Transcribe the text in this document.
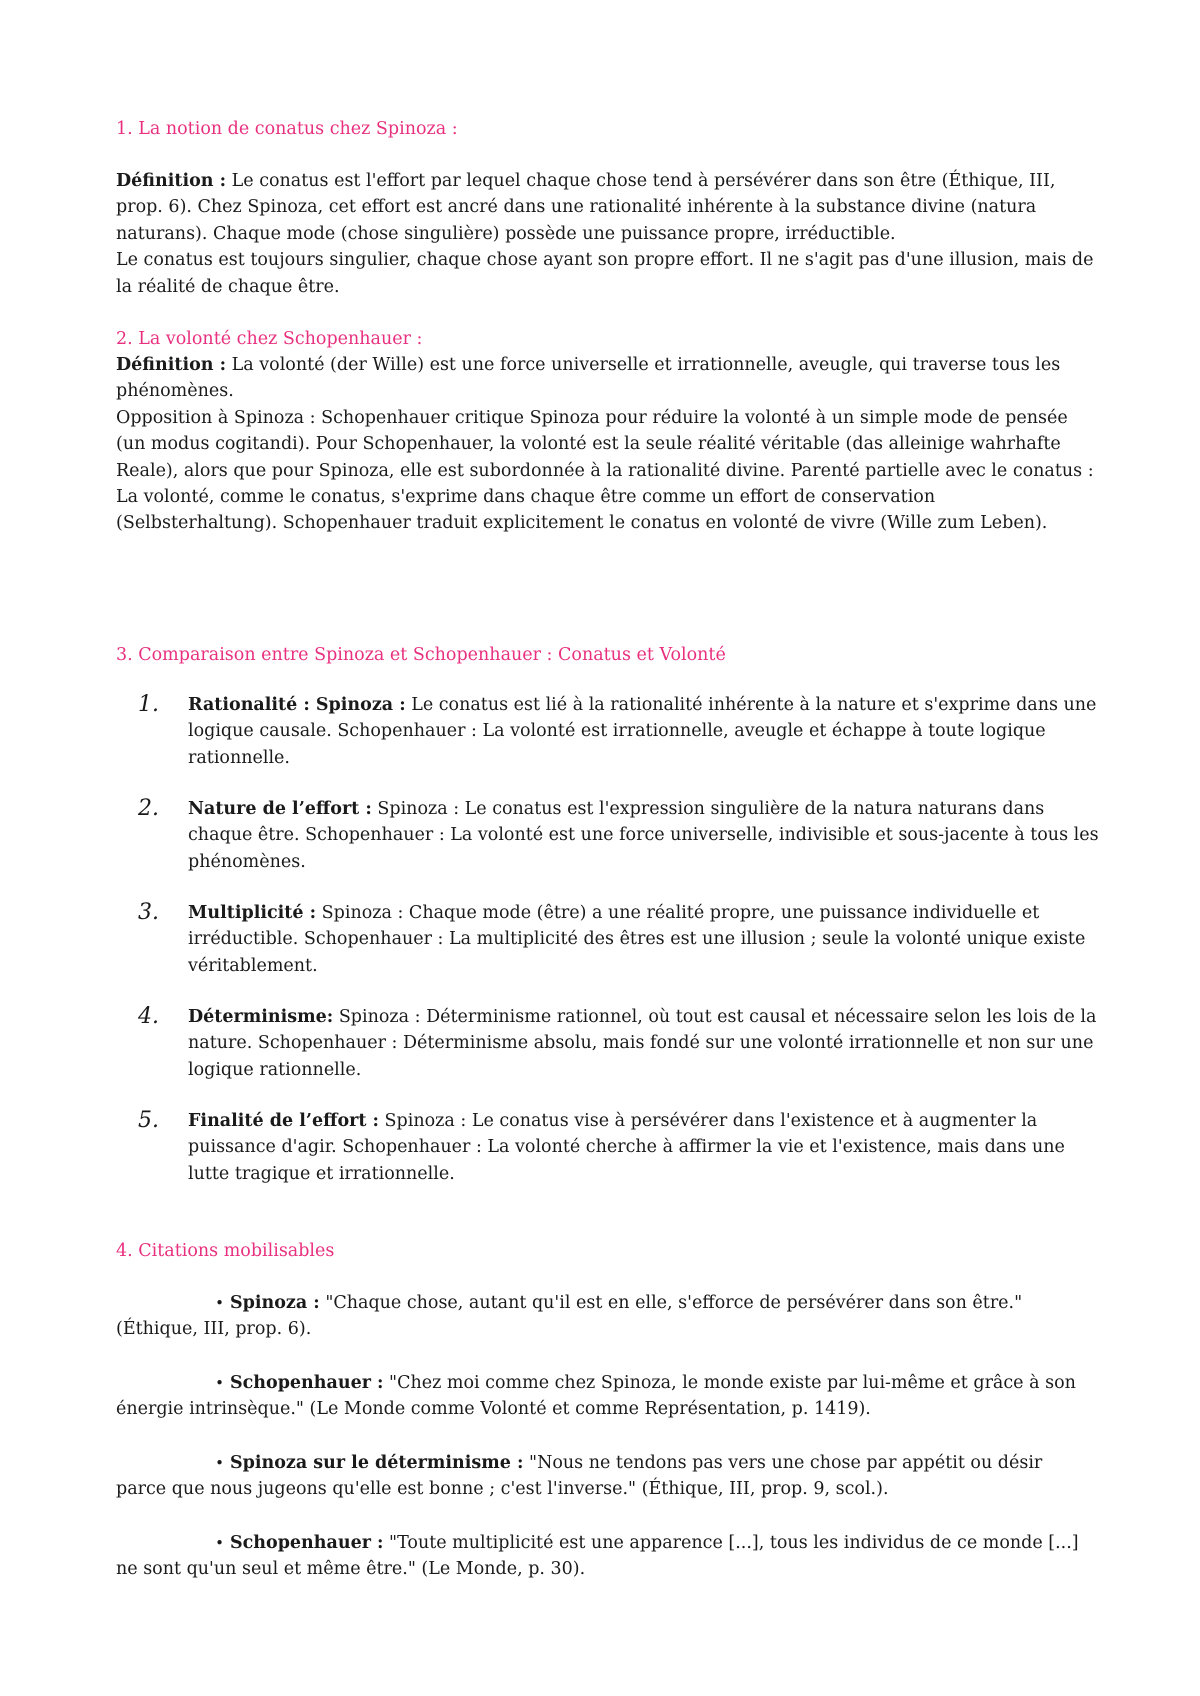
1. La notion de conatus chez Spinoza :

Définition : Le conatus est l'effort par lequel chaque chose tend à persévérer dans son être (Éthique, III, prop. 6). Chez Spinoza, cet effort est ancré dans une rationalité inhérente à la substance divine (natura naturans). Chaque mode (chose singulière) possède une puissance propre, irréductible.

Le conatus est toujours singulier, chaque chose ayant son propre effort. Il ne s'agit pas d'une illusion, mais de la réalité de chaque être.

2. La volonté chez Schopenhauer :

Définition : La volonté (der Wille) est une force universelle et irrationnelle, aveugle, qui traverse tous les phénomènes.

Opposition à Spinoza : Schopenhauer critique Spinoza pour réduire la volonté à un simple mode de pensée (un modus cogitandi). Pour Schopenhauer, la volonté est la seule réalité véritable (das alleinige wahrhafte Reale), alors que pour Spinoza, elle est subordonnée à la rationalité divine. Parenté partielle avec le conatus : La volonté, comme le conatus, s'exprime dans chaque être comme un effort de conservation (Selbsterhaltung). Schopenhauer traduit explicitement le conatus en volonté de vivre (Wille zum Leben).

3. Comparaison entre Spinoza et Schopenhauer : Conatus et Volonté

1. Rationalité : Spinoza : Le conatus est lié à la rationalité inhérente à la nature et s'exprime dans une logique causale. Schopenhauer : La volonté est irrationnelle, aveugle et échappe à toute logique rationnelle.

2. Nature de l’effort : Spinoza : Le conatus est l'expression singulière de la natura naturans dans chaque être. Schopenhauer : La volonté est une force universelle, indivisible et sous-jacente à tous les phénomènes.

3. Multiplicité : Spinoza : Chaque mode (être) a une réalité propre, une puissance individuelle et irréductible. Schopenhauer : La multiplicité des êtres est une illusion ; seule la volonté unique existe véritablement.

4. Déterminisme: Spinoza : Déterminisme rationnel, où tout est causal et nécessaire selon les lois de la nature. Schopenhauer : Déterminisme absolu, mais fondé sur une volonté irrationnelle et non sur une logique rationnelle.

5. Finalité de l’effort : Spinoza : Le conatus vise à persévérer dans l'existence et à augmenter la puissance d'agir. Schopenhauer : La volonté cherche à affirmer la vie et l'existence, mais dans une lutte tragique et irrationnelle.

4. Citations mobilisables

• Spinoza : "Chaque chose, autant qu'il est en elle, s'efforce de persévérer dans son être." (Éthique, III, prop. 6).

• Schopenhauer : "Chez moi comme chez Spinoza, le monde existe par lui-même et grâce à son énergie intrinsèque." (Le Monde comme Volonté et comme Représentation, p. 1419).

• Spinoza sur le déterminisme : "Nous ne tendons pas vers une chose par appétit ou désir parce que nous jugeons qu'elle est bonne ; c'est l'inverse." (Éthique, III, prop. 9, scol.).

• Schopenhauer : "Toute multiplicité est une apparence [...], tous les individus de ce monde [...] ne sont qu'un seul et même être." (Le Monde, p. 30).
